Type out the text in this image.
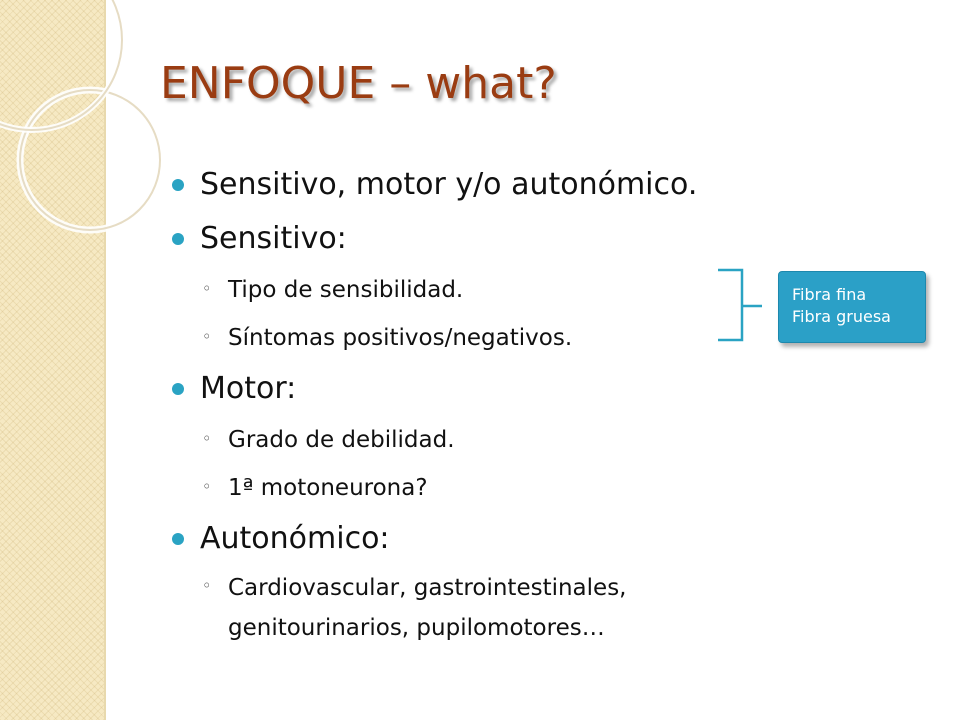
ENFOQUE – what?
Sensitivo, motor y/o autonómico.
Sensitivo:
◦ Tipo de sensibilidad.
◦ Síntomas positivos/negativos.
Motor:
◦ Grado de debilidad.
◦ 1ª motoneurona?
Autonómico:
◦ Cardiovascular, gastrointestinales,
genitourinarios, pupilomotores…
Fibra fina
Fibra gruesa
